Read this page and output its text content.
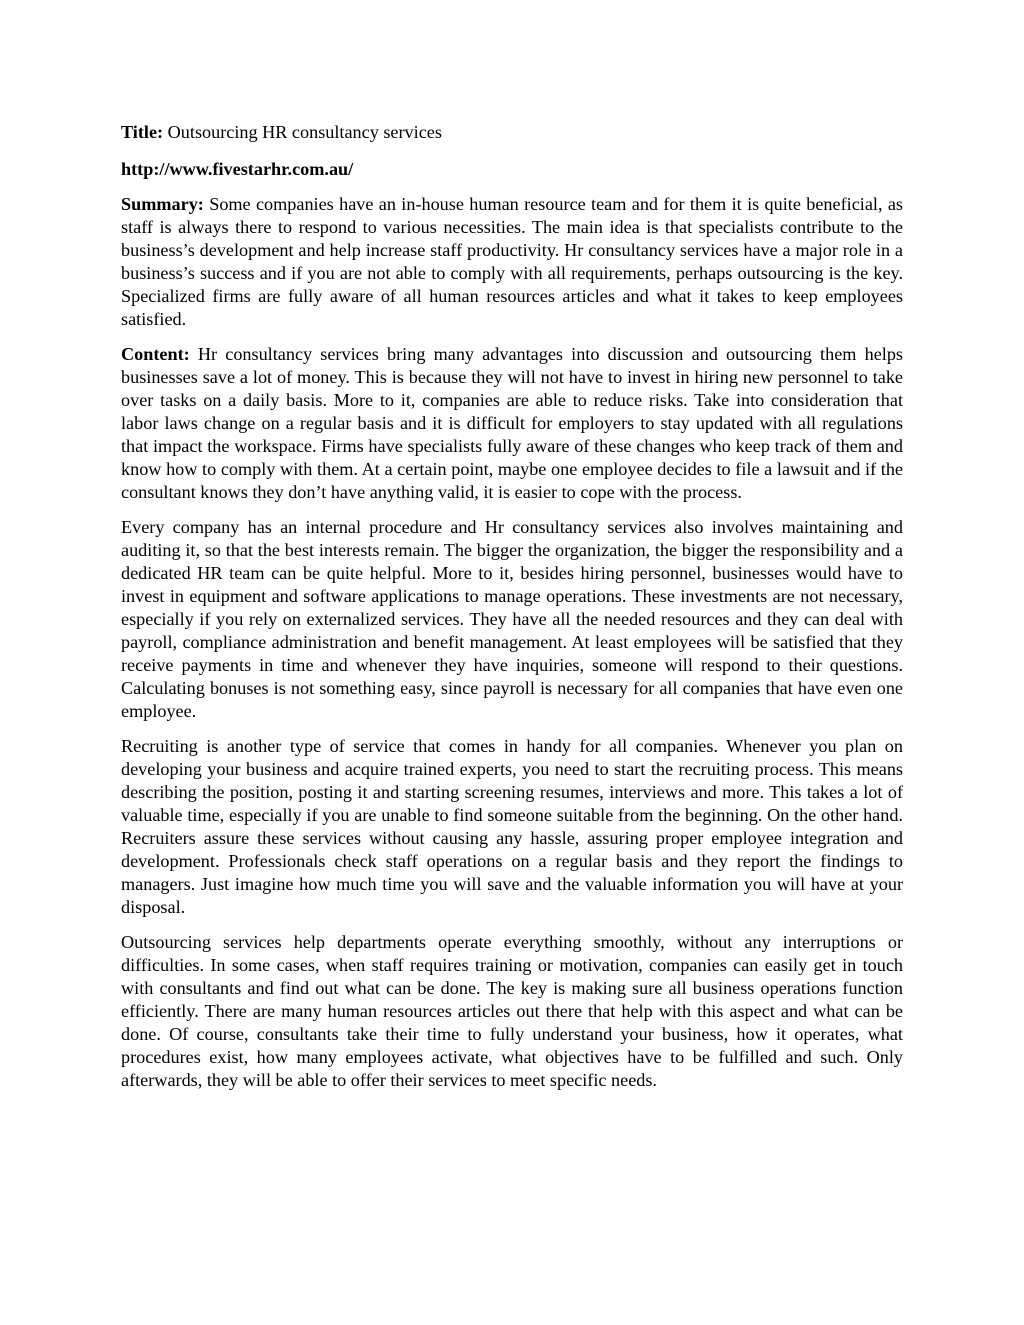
Title: Outsourcing HR consultancy services

http://www.fivestarhr.com.au/

Summary: Some companies have an in-house human resource team and for them it is quite beneficial, as staff is always there to respond to various necessities. The main idea is that specialists contribute to the business’s development and help increase staff productivity. Hr consultancy services have a major role in a business’s success and if you are not able to comply with all requirements, perhaps outsourcing is the key. Specialized firms are fully aware of all human resources articles and what it takes to keep employees satisfied.

Content: Hr consultancy services bring many advantages into discussion and outsourcing them helps businesses save a lot of money. This is because they will not have to invest in hiring new personnel to take over tasks on a daily basis. More to it, companies are able to reduce risks. Take into consideration that labor laws change on a regular basis and it is difficult for employers to stay updated with all regulations that impact the workspace. Firms have specialists fully aware of these changes who keep track of them and know how to comply with them. At a certain point, maybe one employee decides to file a lawsuit and if the consultant knows they don’t have anything valid, it is easier to cope with the process.

Every company has an internal procedure and Hr consultancy services also involves maintaining and auditing it, so that the best interests remain. The bigger the organization, the bigger the responsibility and a dedicated HR team can be quite helpful. More to it, besides hiring personnel, businesses would have to invest in equipment and software applications to manage operations. These investments are not necessary, especially if you rely on externalized services. They have all the needed resources and they can deal with payroll, compliance administration and benefit management. At least employees will be satisfied that they receive payments in time and whenever they have inquiries, someone will respond to their questions. Calculating bonuses is not something easy, since payroll is necessary for all companies that have even one employee.

Recruiting is another type of service that comes in handy for all companies. Whenever you plan on developing your business and acquire trained experts, you need to start the recruiting process. This means describing the position, posting it and starting screening resumes, interviews and more. This takes a lot of valuable time, especially if you are unable to find someone suitable from the beginning. On the other hand. Recruiters assure these services without causing any hassle, assuring proper employee integration and development. Professionals check staff operations on a regular basis and they report the findings to managers. Just imagine how much time you will save and the valuable information you will have at your disposal.

Outsourcing services help departments operate everything smoothly, without any interruptions or difficulties. In some cases, when staff requires training or motivation, companies can easily get in touch with consultants and find out what can be done. The key is making sure all business operations function efficiently. There are many human resources articles out there that help with this aspect and what can be done. Of course, consultants take their time to fully understand your business, how it operates, what procedures exist, how many employees activate, what objectives have to be fulfilled and such. Only afterwards, they will be able to offer their services to meet specific needs.
